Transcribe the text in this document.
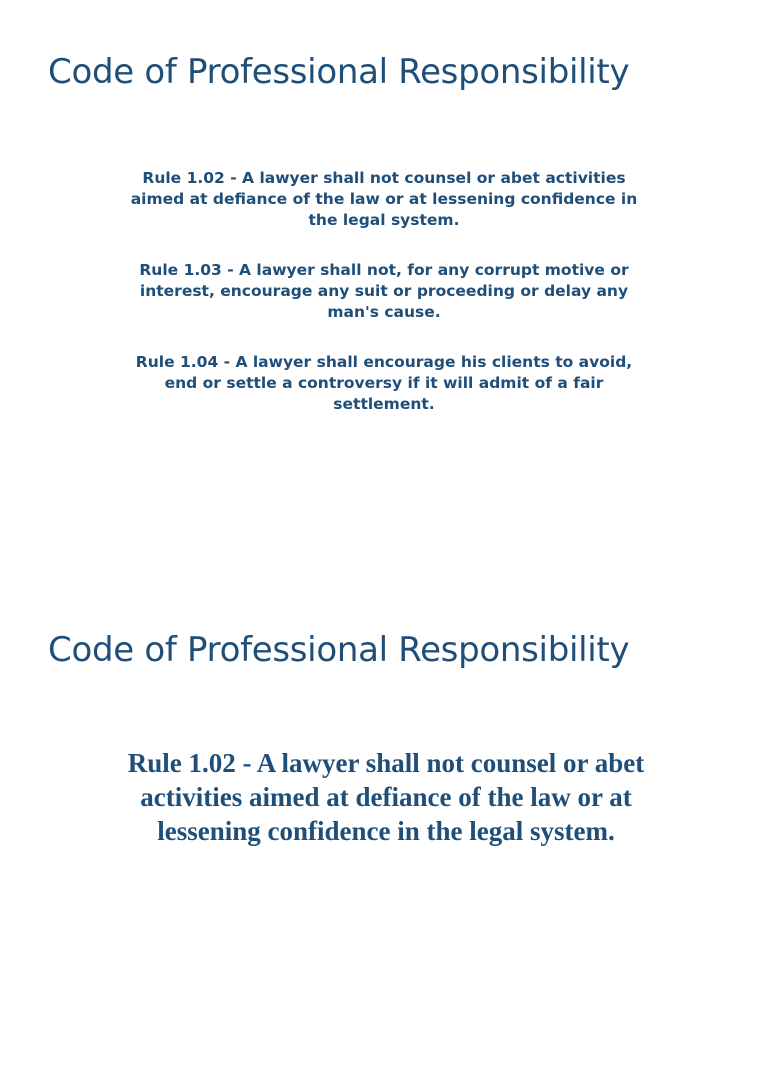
Code of Professional Responsibility
Rule 1.02 - A lawyer shall not counsel or abet activities aimed at defiance of the law or at lessening confidence in the legal system.
Rule 1.03 - A lawyer shall not, for any corrupt motive or interest, encourage any suit or proceeding or delay any man's cause.
Rule 1.04 - A lawyer shall encourage his clients to avoid, end or settle a controversy if it will admit of a fair settlement.
Code of Professional Responsibility

Rule 1.02 - A lawyer shall not counsel or abet activities aimed at defiance of the law or at lessening confidence in the legal system.
